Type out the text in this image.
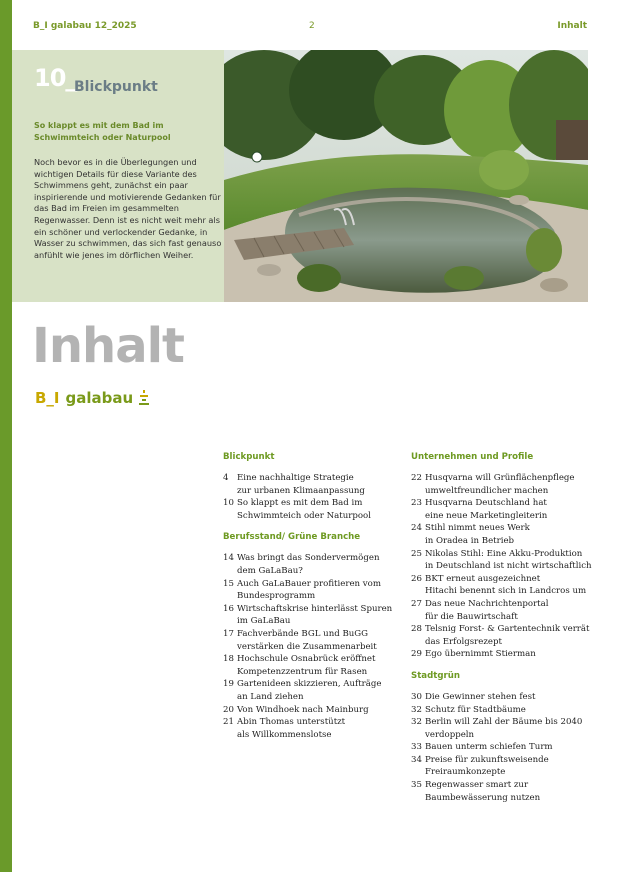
B_I galabau 12_2025	2	Inhalt
10_
Blickpunkt
So klappt es mit dem Bad im Schwimmteich oder Naturpool
Noch bevor es in die Überlegungen und wichtigen Details für diese Variante des Schwimmens geht, zunächst ein paar inspirierende und motivierende Gedanken für das Bad im Freien im gesammelten Regenwasser. Denn ist es nicht weit mehr als ein schöner und verlockender Gedanke, in Wasser zu schwimmen, das sich fast genauso anfühlt wie jenes im dörflichen Weiher.
Inhalt
B_I galabau
Blickpunkt
4 Eine nachhaltige Strategie
zur urbanen Klimaanpassung
10 So klappt es mit dem Bad im
Schwimmteich oder Naturpool
Berufsstand/ Grüne Branche
14 Was bringt das Sondervermögen
dem GaLaBau?
15 Auch GaLaBauer profitieren vom
Bundesprogramm
16 Wirtschaftskrise hinterlässt Spuren
im GaLaBau
17 Fachverbände BGL und BuGG
verstärken die Zusammenarbeit
18 Hochschule Osnabrück eröffnet
Kompetenzzentrum für Rasen
19 Gartenideen skizzieren, Aufträge
an Land ziehen
20 Von Windhoek nach Mainburg
21 Abin Thomas unterstützt
als Willkommenslotse
Unternehmen und Profile
22 Husqvarna will Grünflächenpflege
umweltfreundlicher machen
23 Husqvarna Deutschland hat
eine neue Marketingleiterin
24 Stihl nimmt neues Werk
in Oradea in Betrieb
25 Nikolas Stihl: Eine Akku-Produktion
in Deutschland ist nicht wirtschaftlich
26 BKT erneut ausgezeichnet
Hitachi benennt sich in Landcros um
27 Das neue Nachrichtenportal
für die Bauwirtschaft
28 Telsnig Forst- & Gartentechnik verrät
das Erfolgsrezept
29 Ego übernimmt Stierman
Stadtgrün
30 Die Gewinner stehen fest
32 Schutz für Stadtbäume
32 Berlin will Zahl der Bäume bis 2040
verdoppeln
33 Bauen unterm schiefen Turm
34 Preise für zukunftsweisende
Freiraumkonzepte
35 Regenwasser smart zur
Baumbewässerung nutzen
